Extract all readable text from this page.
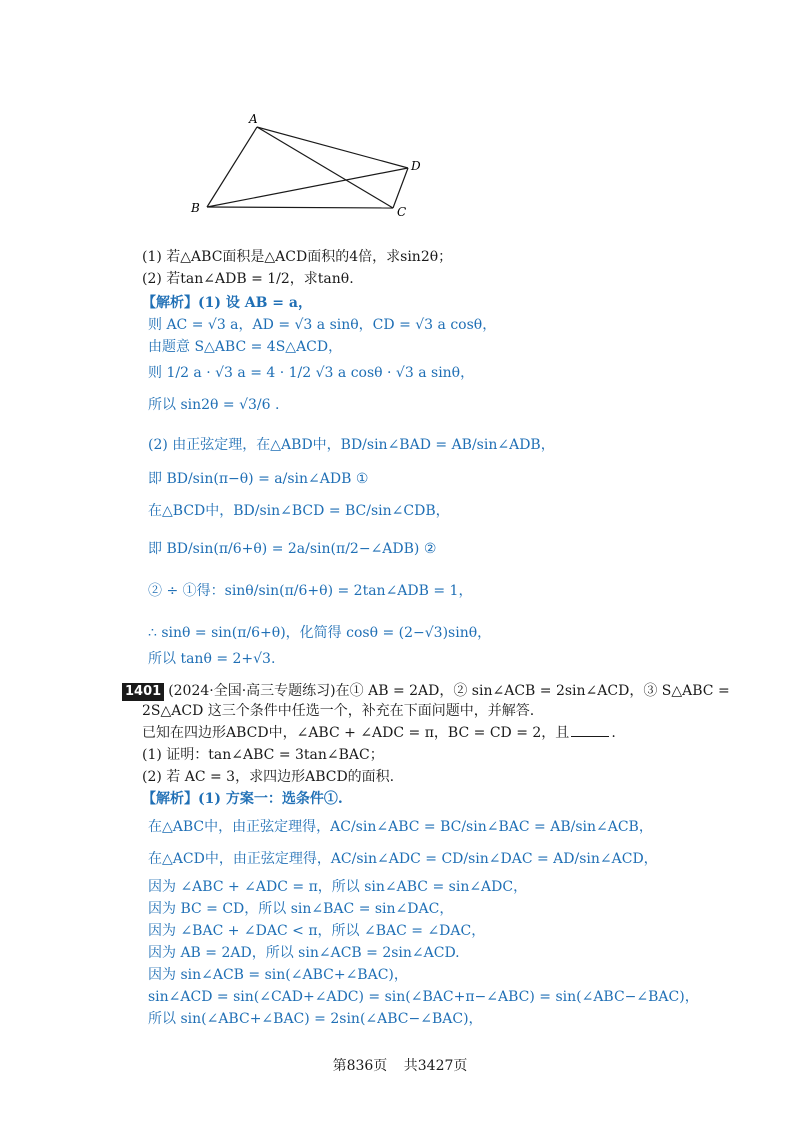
A
B	C
D
(1) 若△ABC面积是△ACD面积的4倍，求sin2θ；
(2) 若tan∠ADB = 1/2，求tanθ.
【解析】(1) 设 AB = a，
则 AC = √3 a，AD = √3 a sinθ，CD = √3 a cosθ，
由题意 S△ABC = 4S△ACD，
则 1/2 a · √3 a = 4 · 1/2 √3 a cosθ · √3 a sinθ，
所以 sin2θ = √3/6 .
(2) 由正弦定理，在△ABD中，BD/sin∠BAD = AB/sin∠ADB，
即 BD/sin(π−θ) = a/sin∠ADB ①
在△BCD中，BD/sin∠BCD = BC/sin∠CDB，
即 BD/sin(π/6+θ) = 2a/sin(π/2−∠ADB) ②
② ÷ ①得：sinθ/sin(π/6+θ) = 2tan∠ADB = 1，
∴ sinθ = sin(π/6+θ)，化简得 cosθ = (2−√3)sinθ，
所以 tanθ = 2+√3.
1401 (2024·全国·高三专题练习)在① AB = 2AD，② sin∠ACB = 2sin∠ACD，③ S△ABC =
2S△ACD 这三个条件中任选一个，补充在下面问题中，并解答.
已知在四边形ABCD中，∠ABC + ∠ADC = π，BC = CD = 2，且	.
(1) 证明：tan∠ABC = 3tan∠BAC；
(2) 若 AC = 3，求四边形ABCD的面积.
【解析】(1) 方案一：选条件①.
在△ABC中，由正弦定理得，AC/sin∠ABC = BC/sin∠BAC = AB/sin∠ACB，
在△ACD中，由正弦定理得，AC/sin∠ADC = CD/sin∠DAC = AD/sin∠ACD，
因为 ∠ABC + ∠ADC = π，所以 sin∠ABC = sin∠ADC，
因为 BC = CD，所以 sin∠BAC = sin∠DAC，
因为 ∠BAC + ∠DAC < π，所以 ∠BAC = ∠DAC，
因为 AB = 2AD，所以 sin∠ACB = 2sin∠ACD.
因为 sin∠ACB = sin(∠ABC+∠BAC)，
sin∠ACD = sin(∠CAD+∠ADC) = sin(∠BAC+π−∠ABC) = sin(∠ABC−∠BAC)，
所以 sin(∠ABC+∠BAC) = 2sin(∠ABC−∠BAC)，
第836页 共3427页
